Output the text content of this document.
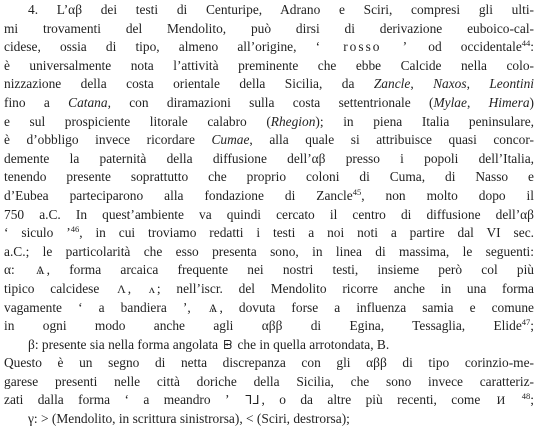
4. L’αβ dei testi di Centuripe, Adrano e Sciri, compresi gli ulti-
mi trovamenti del Mendolito, può dirsi di derivazione euboico-cal-
cidese, ossia di tipo, almeno all’origine, ‘ rosso ’ od occidentale$^{44}$:
è universalmente nota l’attività preminente che ebbe Calcide nella colo-
nizzazione della costa orientale della Sicilia, da Zancle, Naxos, Leontini
fino a Catana, con diramazioni sulla costa settentrionale (Mylae, Himera)
e sul prospiciente litorale calabro (Rhegion); in piena Italia peninsulare,
è d’obbligo invece ricordare Cumae, alla quale si attribuisce quasi concor-
demente la paternità della diffusione dell’αβ presso i popoli dell’Italia,
tenendo presente soprattutto che proprio coloni di Cuma, di Nasso e
d’Eubea parteciparono alla fondazione di Zancle$^{45}$, non molto dopo il
750 a.C. In quest’ambiente va quindi cercato il centro di diffusione dell’αβ
‘ siculo ’$^{46}$, in cui troviamo redatti i testi a noi noti a partire dal VI sec.
a.C.; le particolarità che esso presenta sono, in linea di massima, le seguenti:
α: Ѧ , forma arcaica frequente nei nostri testi, insieme però col più
tipico calcidese Λ , ʌ ; nell’iscr. del Mendolito ricorre anche in una forma
vagamente ‘ a bandiera ’, Ѧ , dovuta forse a influenza samia e comune
in ogni modo anche agli αββ di Egina, Tessaglia, Elide$^{47}$;
β: presente sia nella forma angolata ᗸ che in quella arrotondata, B.
Questo è un segno di netta discrepanza con gli αββ di tipo corinzio-me-
garese presenti nelle città doriche della Sicilia, che sono invece caratteriz-
zati dalla forma ‘ a meandro ’ ᒣᒧ , o da altre più recenti, come И $^{48}$;
γ: > (Mendolito, in scrittura sinistrorsa), < (Sciri, destrorsa);
